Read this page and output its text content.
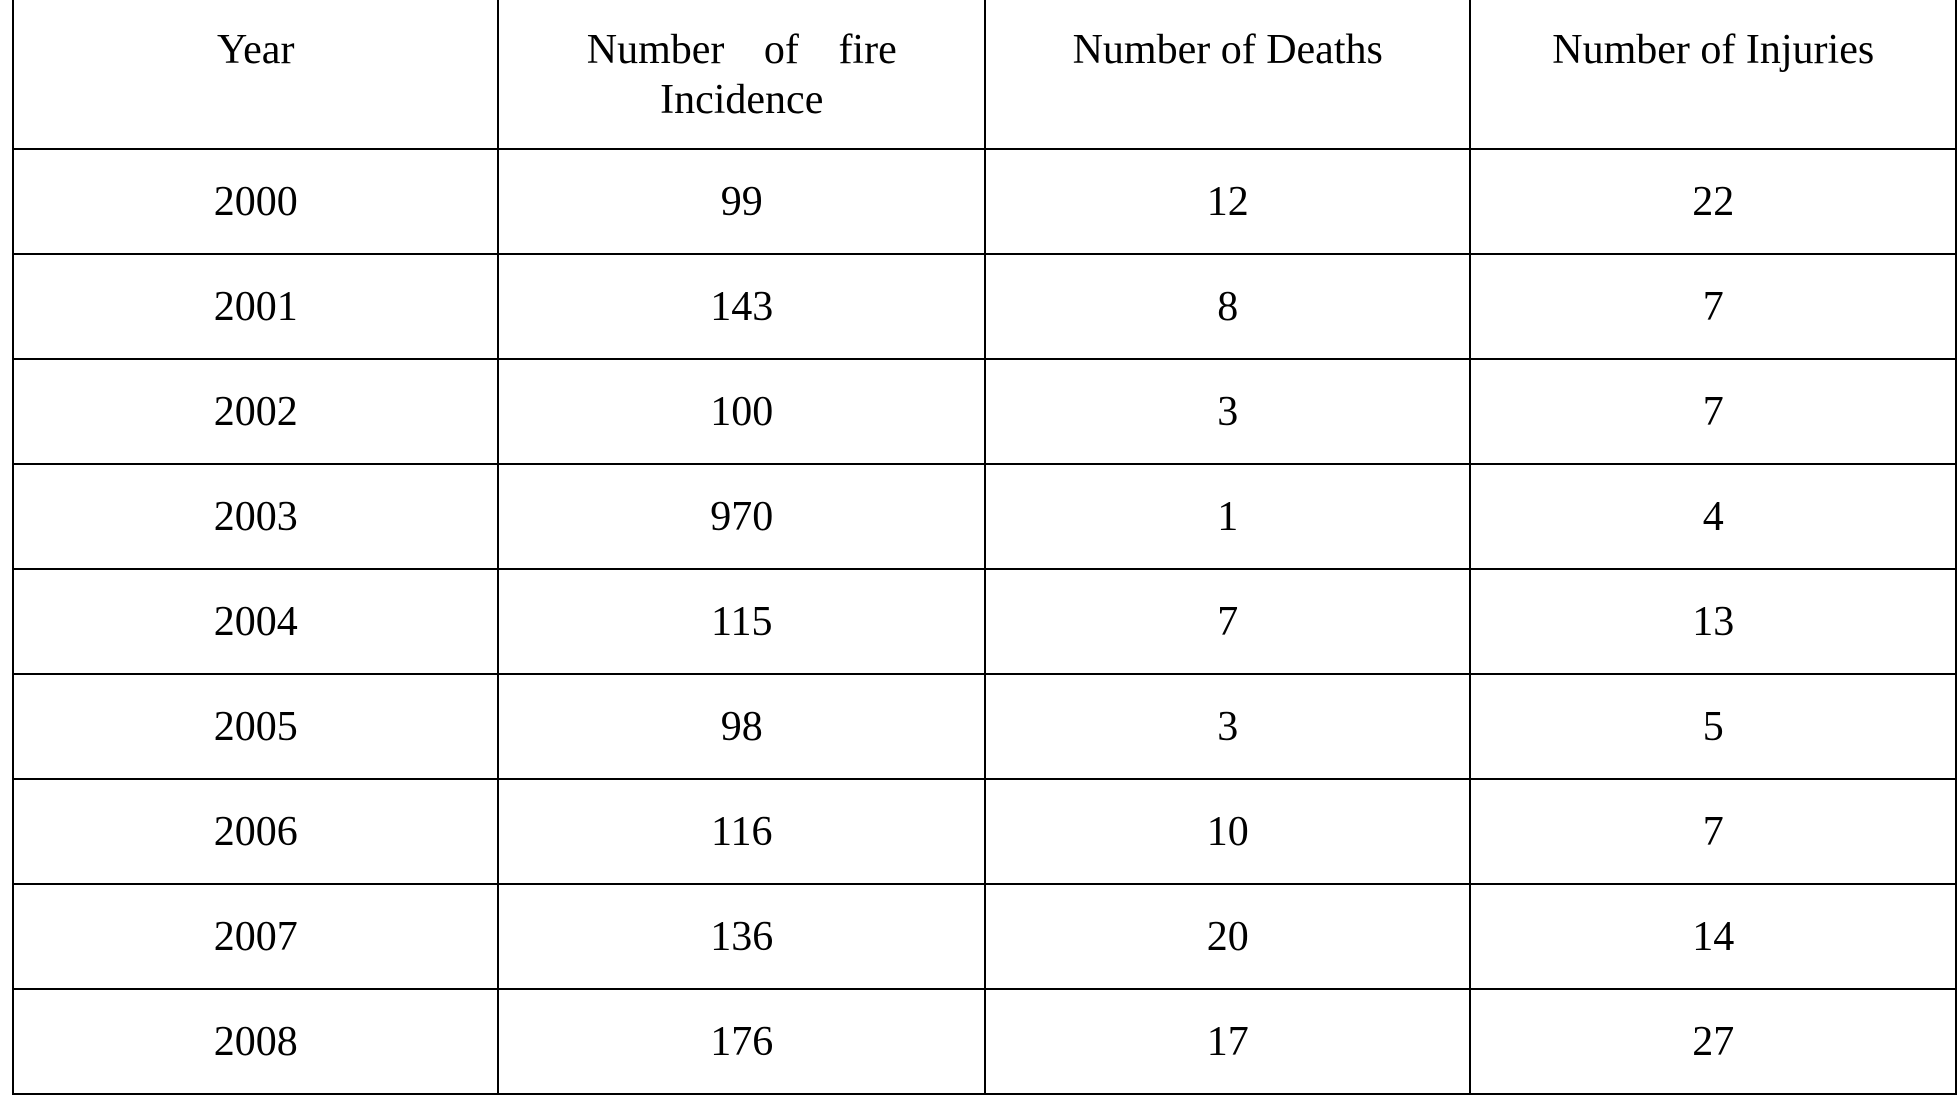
Year	Number of fire Incidence	Number of Deaths	Number of Injuries
2000	99	12	22
2001	143	8	7
2002	100	3	7
2003	970	1	4
2004	115	7	13
2005	98	3	5
2006	116	10	7
2007	136	20	14
2008	176	17	27
